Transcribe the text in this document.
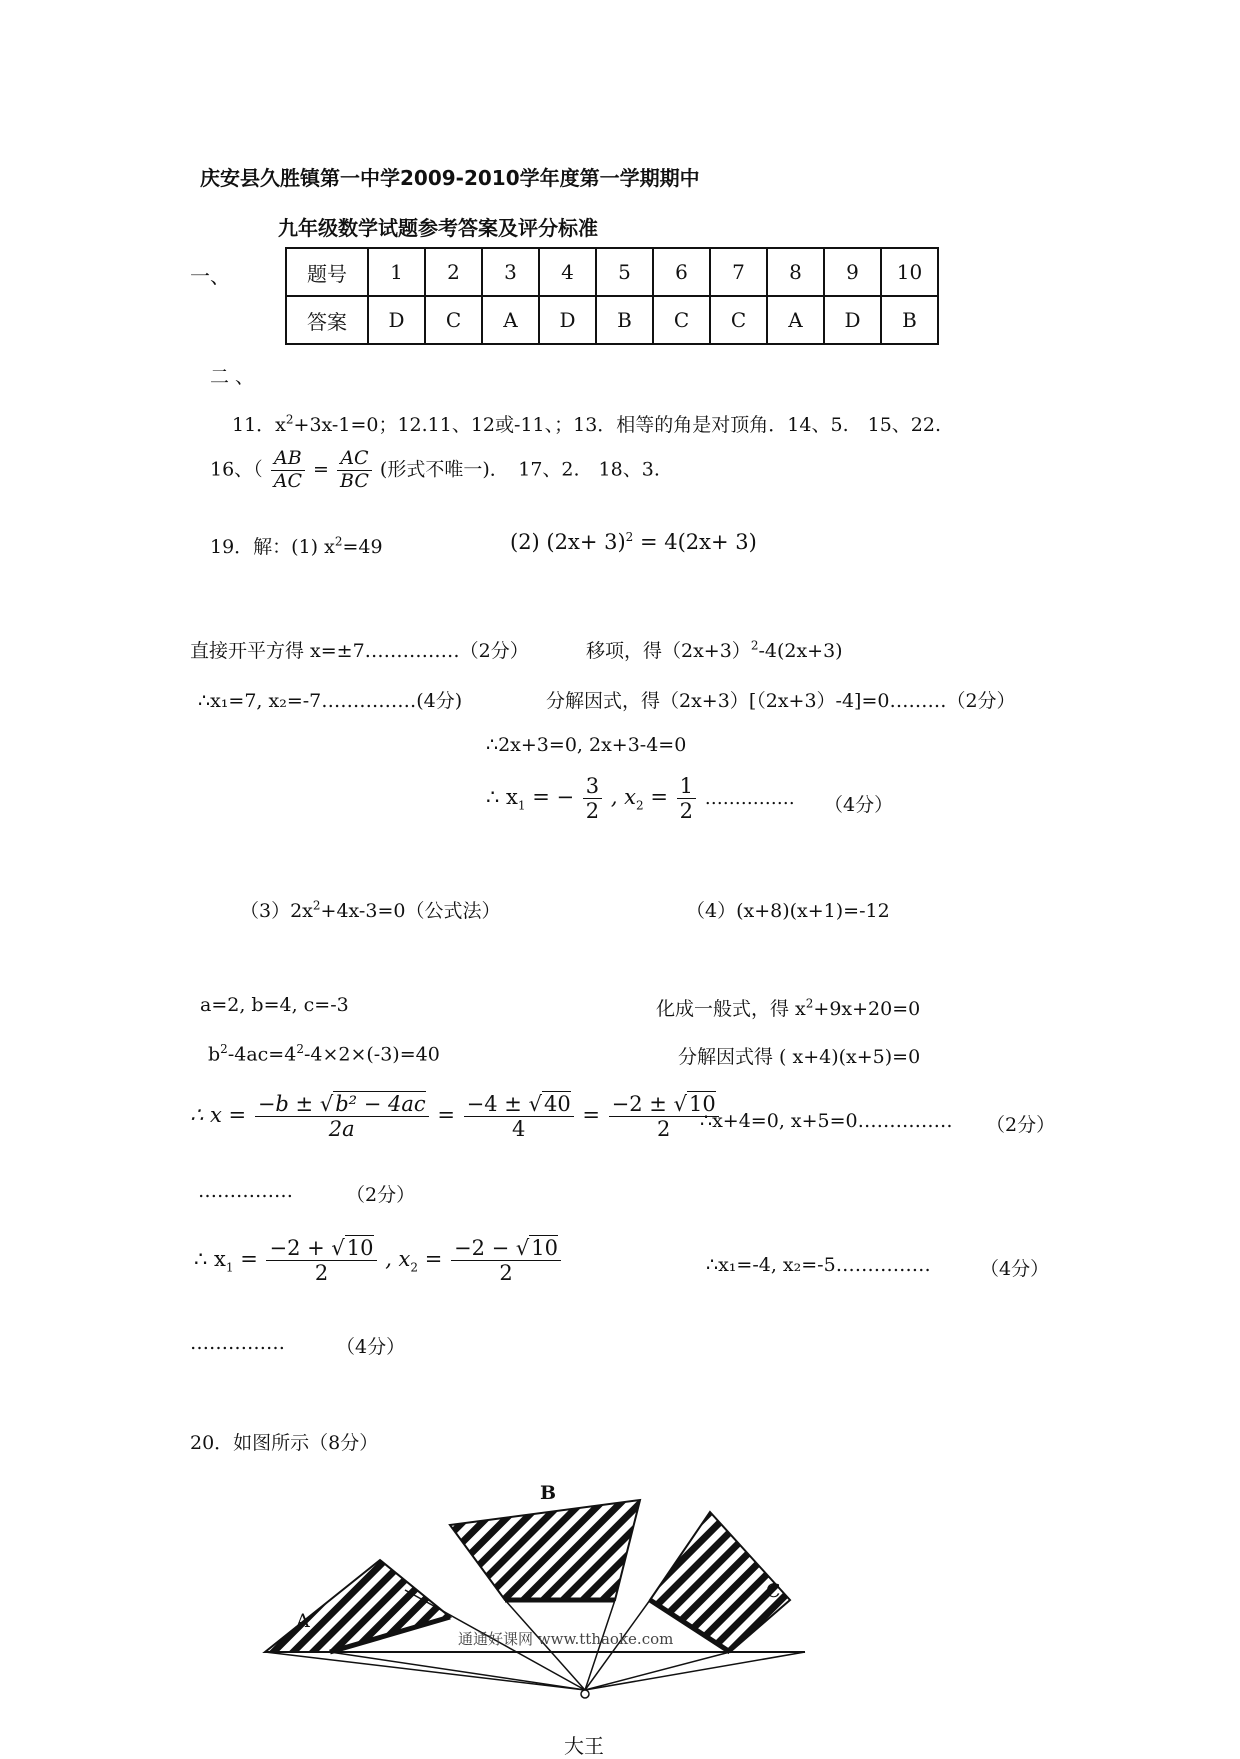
庆安县久胜镇第一中学2009-2010学年度第一学期期中
九年级数学试题参考答案及评分标准
一、	题号	1	2	3	4	5	6	7	8	9	10
答案	D	C	A	D	B	C	C	A	D	B
二 、
11．$x^2+3x-1=0$；12.11、12或-11、；13．相等的角是对顶角．14、5.　15、22.
16、（ $\frac{AB}{AC} = \frac{AC}{BC}$ (形式不唯一)．　17、2.　18、3.
19．解：(1) $x^2=49$	(2) $(2x+ 3)^2 = 4(2x+ 3)$
直接开平方得 x=±7……………（2分）	移项，得$(2x+3)^2-4(2x+3)$
∴x₁=7, x₂=-7……………(4分)	分解因式，得（2x+3）[（2x+3）-4]=0………（2分）
∴2x+3=0, 2x+3-4=0
∴ $x_1$ = − $\frac{3}{2}$ , $x_2 = \frac{1}{2}$ …………… （4分）
$(3)2x^2+4x-3=0$（公式法）	（4）(x+8)(x+1)=-12
a=2, b=4, c=-3	化成一般式，得 $x^2+9x+20=0$
$b^2-4ac=4^2-4\times 2\times(-3)=40$	分解因式得 ( x+4)(x+5)=0
∴ $x = \frac{\text{−b ± √b² − 4ac}}{2a} = \frac{-4 \pm √40}{4} = \frac{-2 \pm √10}{2}$
∴x+4=0, x+5=0…………… （2分）
……………	（2分）
∴ $x_1 = \frac{-2 + √10}{2}$ , $x_2 = \frac{-2 - √10}{2}$	∴x₁=-4, x₂=-5……………	（4分）
……………	（4分）
20．如图所示（8分）
A
B
C
通通好课网 www.tthaoke.com
大王
